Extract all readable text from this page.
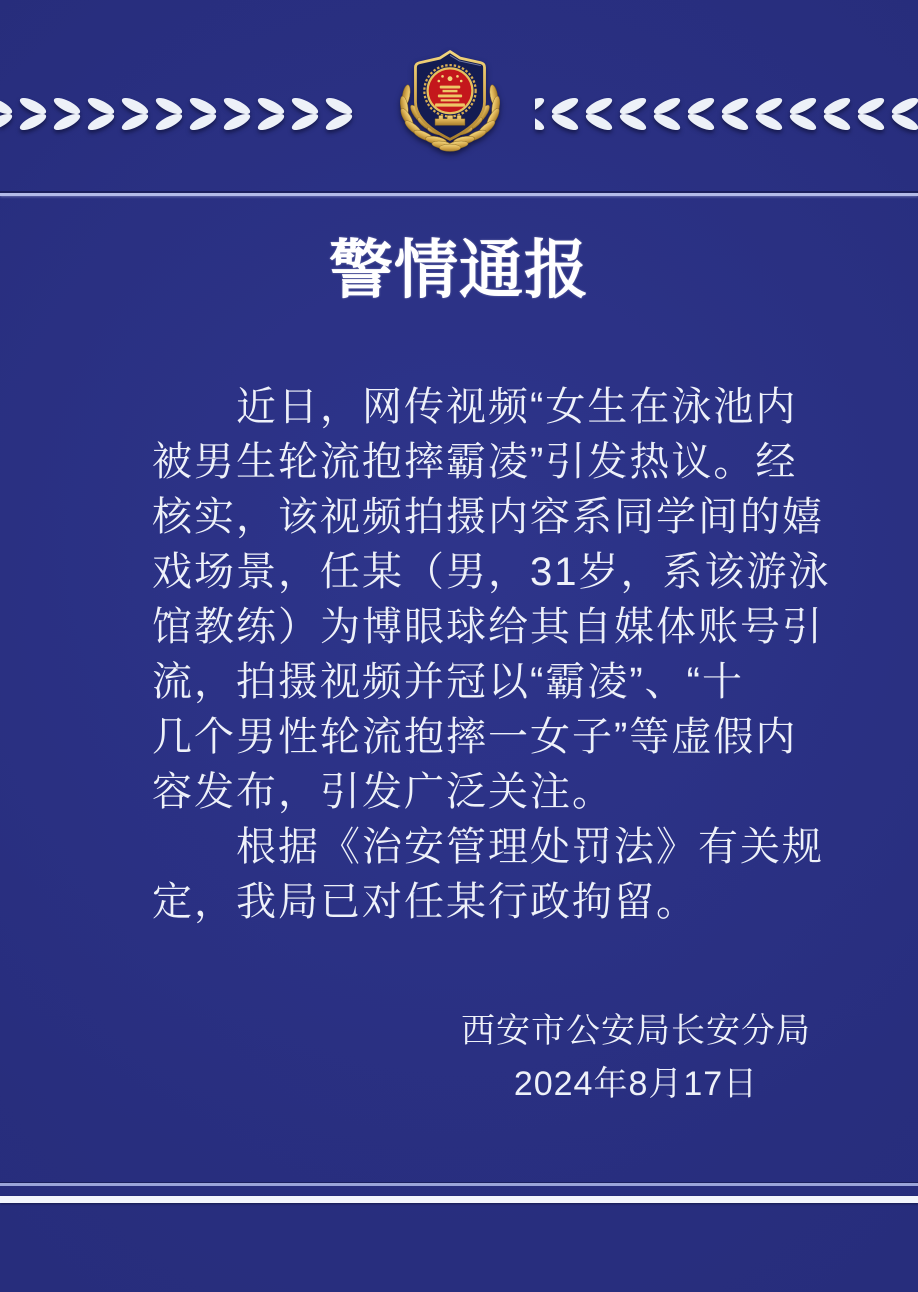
警情通报
近日，网传视频“女生在泳池内
被男生轮流抱摔霸凌”引发热议。经
核实，该视频拍摄内容系同学间的嬉
戏场景，任某（男，31岁，系该游泳
馆教练）为博眼球给其自媒体账号引
流，拍摄视频并冠以“霸凌”、“十
几个男性轮流抱摔一女子”等虚假内
容发布，引发广泛关注。
根据《治安管理处罚法》有关规
定，我局已对任某行政拘留。
西安市公安局长安分局
2024年8月17日
